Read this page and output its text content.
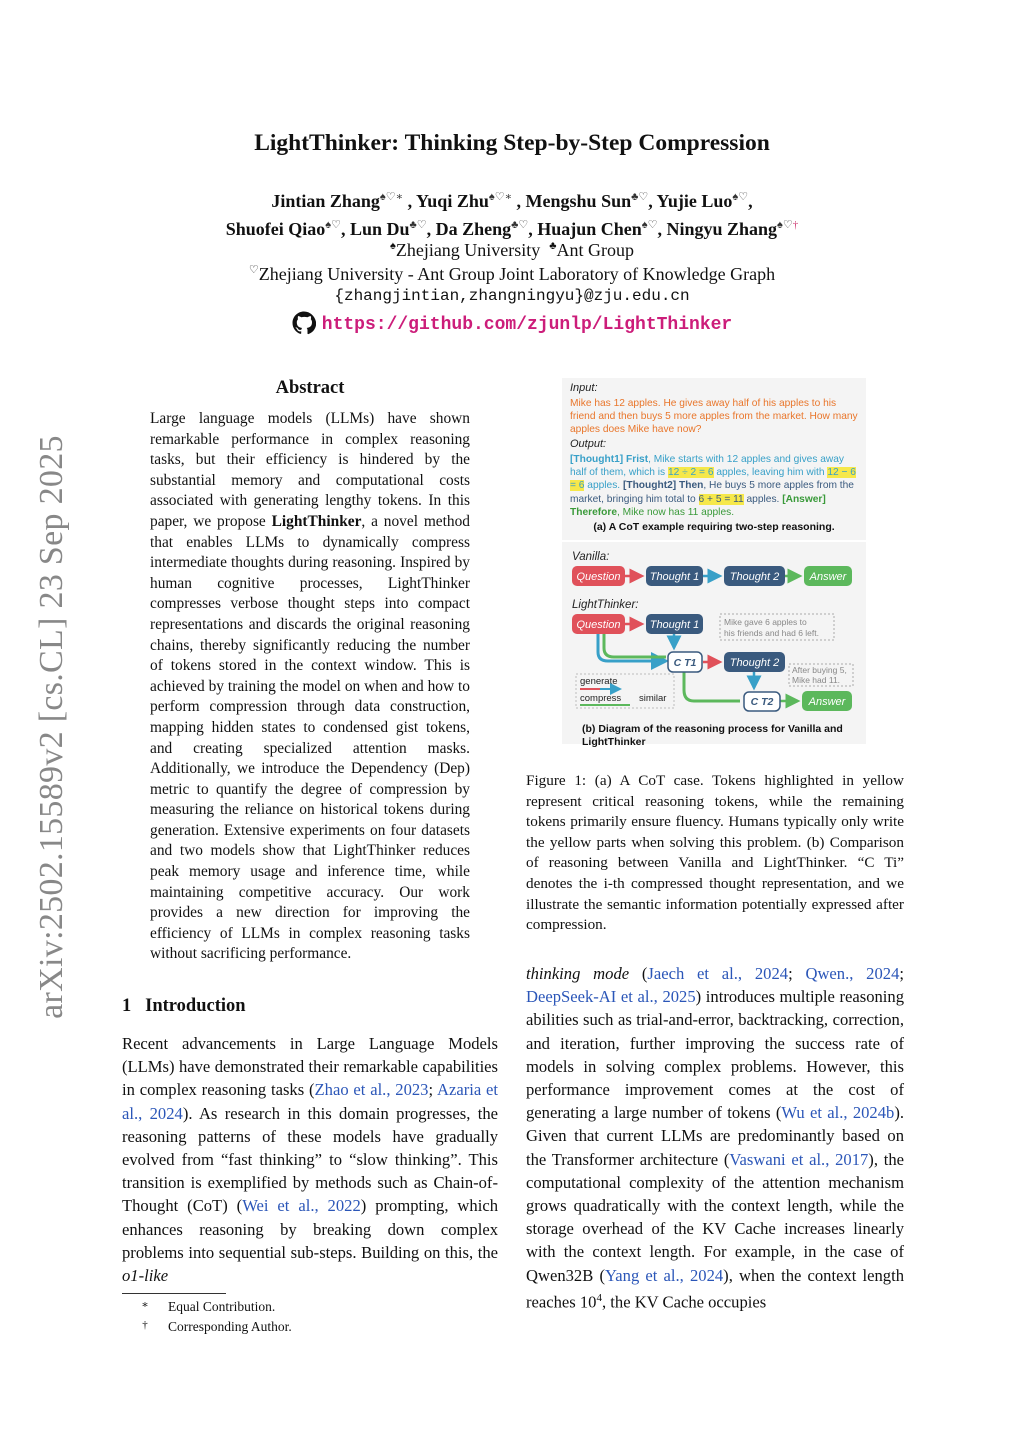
arXiv:2502.15589v2 [cs.CL] 23 Sep 2025
LightThinker: Thinking Step-by-Step Compression
Jintian Zhang♠♡∗ , Yuqi Zhu♠♡∗ , Mengshu Sun♣♡, Yujie Luo♠♡,
Shuofei Qiao♠♡, Lun Du♣♡, Da Zheng♣♡, Huajun Chen♠♡, Ningyu Zhang♠♡†
♠Zhejiang University ♣Ant Group
♡Zhejiang University - Ant Group Joint Laboratory of Knowledge Graph
{zhangjintian,zhangningyu}@zju.edu.cn
https://github.com/zjunlp/LightThinker
Abstract
Large language models (LLMs) have shown remarkable performance in complex reasoning tasks, but their efficiency is hindered by the substantial memory and computational costs associated with generating lengthy tokens. In this paper, we propose LightThinker, a novel method that enables LLMs to dynamically compress intermediate thoughts during reasoning. Inspired by human cognitive processes, LightThinker compresses verbose thought steps into compact representations and discards the original reasoning chains, thereby significantly reducing the number of tokens stored in the context window. This is achieved by training the model on when and how to perform compression through data construction, mapping hidden states to condensed gist tokens, and creating specialized attention masks. Additionally, we introduce the Dependency (Dep) metric to quantify the degree of compression by measuring the reliance on historical tokens during generation. Extensive experiments on four datasets and two models show that LightThinker reduces peak memory usage and inference time, while maintaining competitive accuracy. Our work provides a new direction for improving the efficiency of LLMs in complex reasoning tasks without sacrificing performance.
1 Introduction
Recent advancements in Large Language Models (LLMs) have demonstrated their remarkable capabilities in complex reasoning tasks (Zhao et al., 2023; Azaria et al., 2024). As research in this domain progresses, the reasoning patterns of these models have gradually evolved from “fast thinking” to “slow thinking”. This transition is exemplified by methods such as Chain-of-Thought (CoT) (Wei et al., 2022) prompting, which enhances reasoning by breaking down complex problems into sequential sub-steps. Building on this, the o1-like
∗ Equal Contribution.
† Corresponding Author.
Input:
Mike has 12 apples. He gives away half of his apples to his friend and then buys 5 more apples from the market. How many apples does Mike have now?
Output:
[Thought1] Frist, Mike starts with 12 apples and gives away half of them, which is 12 ÷ 2 = 6 apples, leaving him with 12 − 6 = 6 apples. [Thought2] Then, He buys 5 more apples from the market, bringing him total to 6 + 5 = 11 apples. [Answer] Therefore, Mike now has 11 apples.
(a) A CoT example requiring two-step reasoning.
Vanilla:
Question	Thought 1	Thought 2	Answer
LightThinker:
Question	Thought 1	Mike gave 6 apples to
his friends and had 6 left.
C T1	Thought 2
After buying 5,
Mike had 11.
C T2	Answer
generate
compress similar
(b) Diagram of the reasoning process for Vanilla and LightThinker
Figure 1: (a) A CoT case. Tokens highlighted in yellow represent critical reasoning tokens, while the remaining tokens primarily ensure fluency. Humans typically only write the yellow parts when solving this problem. (b) Comparison of reasoning between Vanilla and LightThinker. “C Ti” denotes the i-th compressed thought representation, and we illustrate the semantic information potentially expressed after compression.
thinking mode (Jaech et al., 2024; Qwen., 2024; DeepSeek-AI et al., 2025) introduces multiple reasoning abilities such as trial-and-error, backtracking, correction, and iteration, further improving the success rate of models in solving complex problems. However, this performance improvement comes at the cost of generating a large number of tokens (Wu et al., 2024b). Given that current LLMs are predominantly based on the Transformer architecture (Vaswani et al., 2017), the computational complexity of the attention mechanism grows quadratically with the context length, while the storage overhead of the KV Cache increases linearly with the context length. For example, in the case of Qwen32B (Yang et al., 2024), when the context length reaches $10^4$, the KV Cache occupies
